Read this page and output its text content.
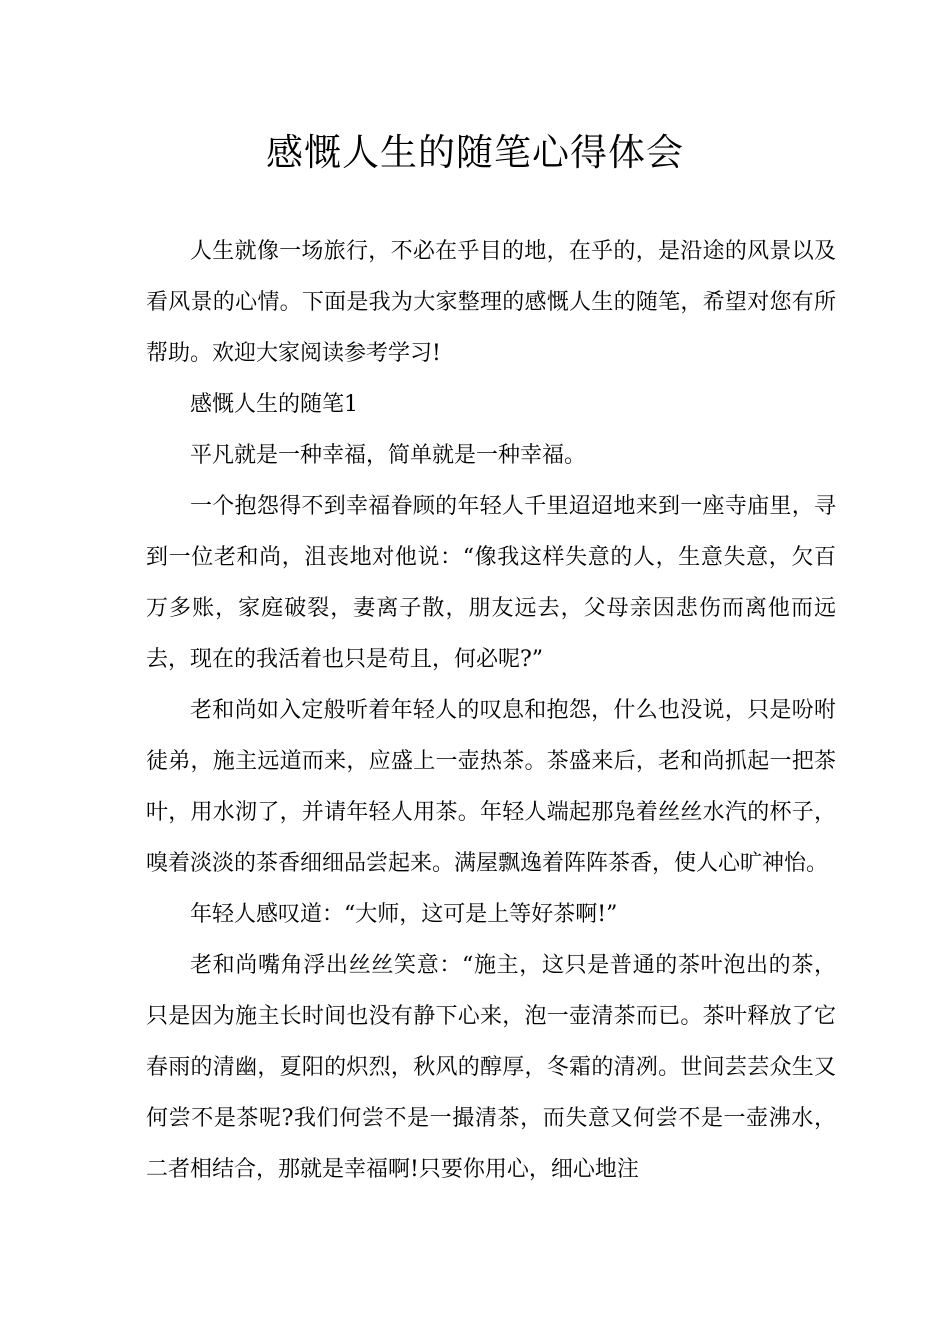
感慨人生的随笔心得体会

人生就像一场旅行，不必在乎目的地，在乎的，是沿途的风景以及看风景的心情。下面是我为大家整理的感慨人生的随笔，希望对您有所帮助。欢迎大家阅读参考学习!

感慨人生的随笔1

平凡就是一种幸福，简单就是一种幸福。

一个抱怨得不到幸福眷顾的年轻人千里迢迢地来到一座寺庙里，寻到一位老和尚，沮丧地对他说：“像我这样失意的人，生意失意，欠百万多账，家庭破裂，妻离子散，朋友远去，父母亲因悲伤而离他而远去，现在的我活着也只是苟且，何必呢?”

老和尚如入定般听着年轻人的叹息和抱怨，什么也没说，只是吩咐徒弟，施主远道而来，应盛上一壶热茶。茶盛来后，老和尚抓起一把茶叶，用水沏了，并请年轻人用茶。年轻人端起那凫着丝丝水汽的杯子，嗅着淡淡的茶香细细品尝起来。满屋飘逸着阵阵茶香，使人心旷神怡。

年轻人感叹道：“大师，这可是上等好茶啊!”

老和尚嘴角浮出丝丝笑意：“施主，这只是普通的茶叶泡出的茶，只是因为施主长时间也没有静下心来，泡一壶清茶而已。茶叶释放了它春雨的清幽，夏阳的炽烈，秋风的醇厚，冬霜的清冽。世间芸芸众生又何尝不是茶呢?我们何尝不是一撮清茶，而失意又何尝不是一壶沸水，二者相结合，那就是幸福啊!只要你用心，细心地注
